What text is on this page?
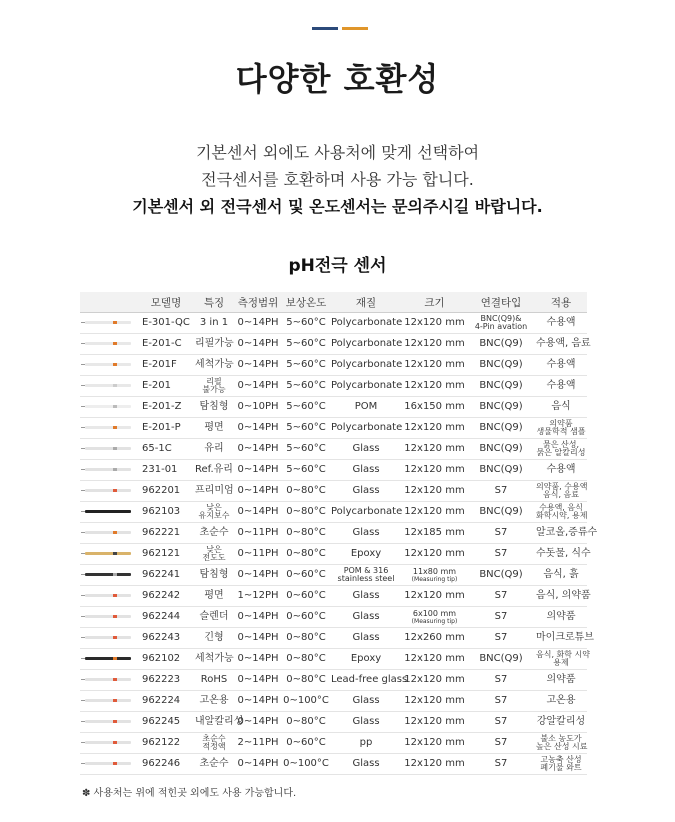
다양한 호환성
기본센서 외에도 사용처에 맞게 선택하여
전극센서를 호환하며 사용 가능 합니다.
기본센서 외 전극센서 및 온도센서는 문의주시길 바랍니다.
pH전극 센서
	모델명	특징	측정범위	보상온도	재질	크기	연결타입	적용

	E-301-QC	3 in 1	0~14PH	5~60°C	Polycarbonate	12x120 mm	BNC(Q9)&
4-Pin avation	수용액

	E-201-C	리필가능	0~14PH	5~60°C	Polycarbonate	12x120 mm	BNC(Q9)	수용액, 음료

	E-201F	세척가능	0~14PH	5~60°C	Polycarbonate	12x120 mm	BNC(Q9)	수용액

	E-201	리필
불가능	0~14PH	5~60°C	Polycarbonate	12x120 mm	BNC(Q9)	수용액

	E-201-Z	탐침형	0~10PH	5~60°C	POM	16x150 mm	BNC(Q9)	음식

	E-201-P	평면	0~14PH	5~60°C	Polycarbonate	12x120 mm	BNC(Q9)	의약품
생물학적 샘플

	65-1C	유리	0~14PH	5~60°C	Glass	12x120 mm	BNC(Q9)	묽은 산성,
묽은 알칼리성

	231-01	Ref.유리	0~14PH	5~60°C	Glass	12x120 mm	BNC(Q9)	수용액

	962201	프리미엄	0~14PH	0~80°C	Glass	12x120 mm	S7	의약품, 수용액
음식, 음료

	962103	낮은
유지보수	0~14PH	0~80°C	Polycarbonate	12x120 mm	BNC(Q9)	수용액, 음식
화학시약, 용제

	962221	초순수	0~11PH	0~80°C	Glass	12x185 mm	S7	알코올,증류수

	962121	낮은
전도도	0~11PH	0~80°C	Epoxy	12x120 mm	S7	수돗물, 식수

	962241	탐침형	0~14PH	0~60°C	POM & 316
stainless steel	11x80 mm
(Measuring tip)	BNC(Q9)	음식, 흙

	962242	평면	1~12PH	0~60°C	Glass	12x120 mm	S7	음식, 의약품

	962244	슬렌더	0~14PH	0~60°C	Glass	6x100 mm
(Measuring tip)	S7	의약품

	962243	긴형	0~14PH	0~80°C	Glass	12x260 mm	S7	마이크로튜브

	962102	세척가능	0~14PH	0~80°C	Epoxy	12x120 mm	BNC(Q9)	음식, 화학 시약
용제

	962223	RoHS	0~14PH	0~80°C	Lead-free glass	12x120 mm	S7	의약품

	962224	고온용	0~14PH	0~100°C	Glass	12x120 mm	S7	고온용

	962245	내알칼리성	0~14PH	0~80°C	Glass	12x120 mm	S7	강알칼리성

	962122	초순수
적정액	2~11PH	0~60°C	pp	12x120 mm	S7	불소 농도가
높은 산성 시료

	962246	초순수	0~14PH	0~100°C	Glass	12x120 mm	S7	고농축 산성
폐기물 와트
✽ 사용처는 위에 적힌곳 외에도 사용 가능합니다.
